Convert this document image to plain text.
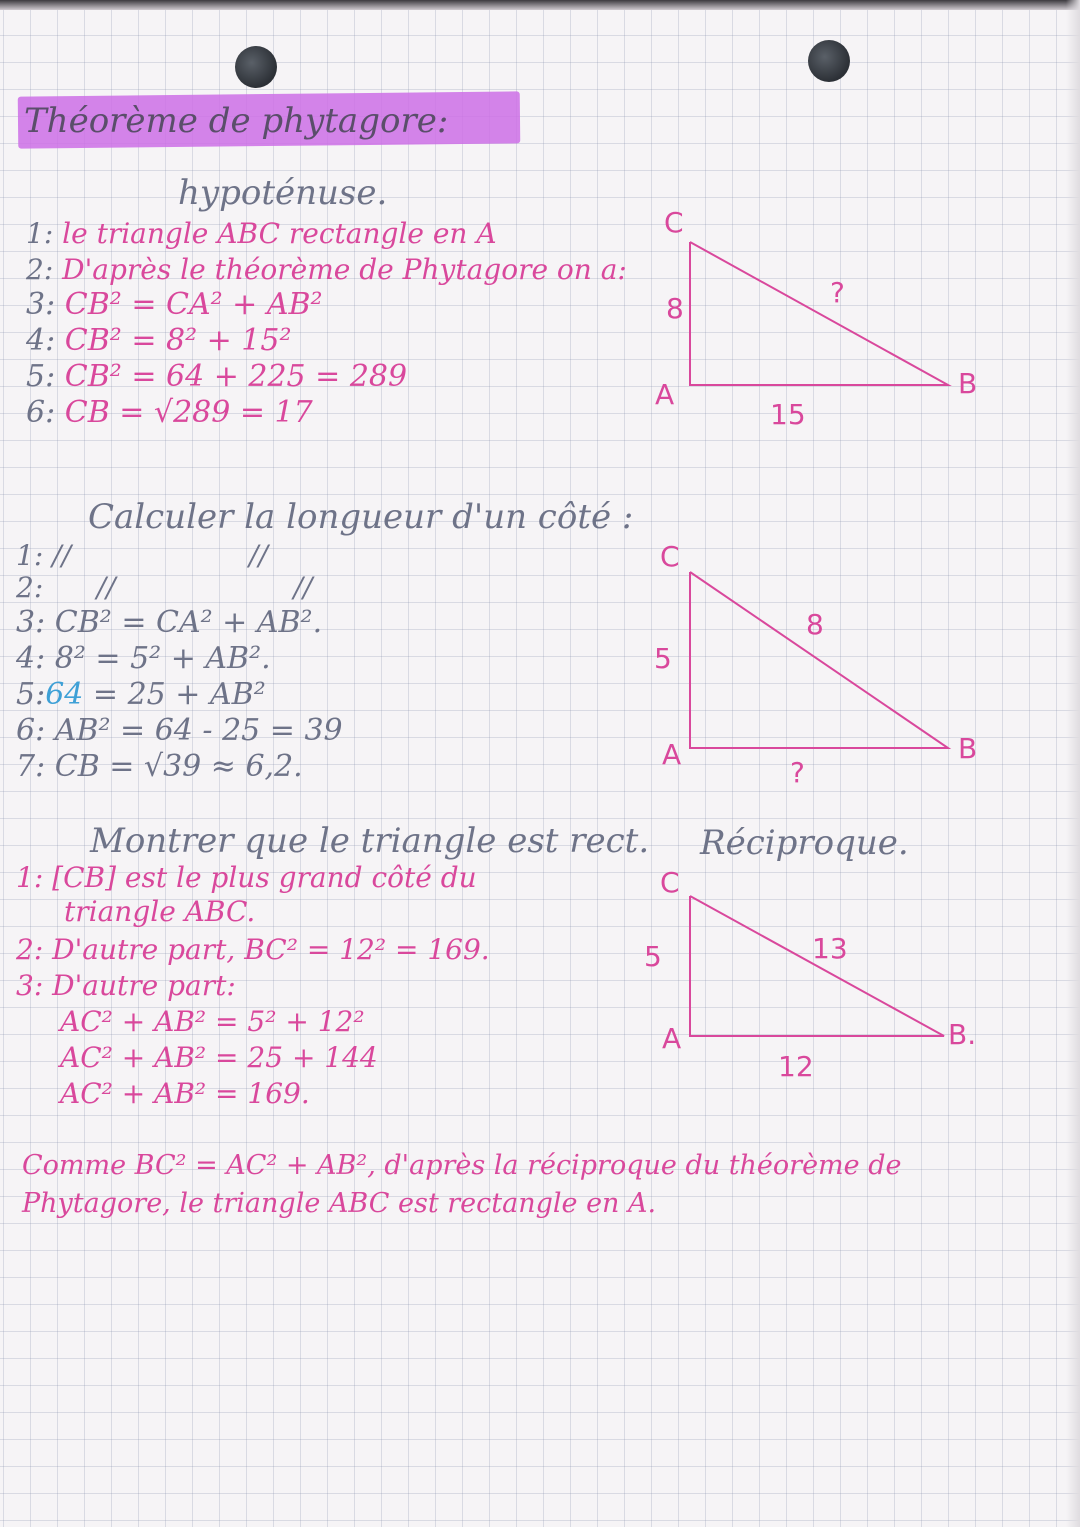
Théorème de phytagore:
hypoténuse.
1: le triangle ABC rectangle en A
2: D'après le théorème de Phytagore on a:
3: CB² = CA² + AB²
4: CB² = 8² + 15²
5: CB² = 64 + 225 = 289
6: CB = √289 = 17
Calculer la longueur d'un côté :
1: //                    //
2:      //                    //
3: CB² = CA² + AB².
4: 8² = 5² + AB².
5:64 = 25 + AB²
6: AB² = 64 - 25 = 39
7: CB = √39 ≈ 6,2.
Montrer que le triangle est rect. Réciproque.
1: [CB] est le plus grand côté du
triangle ABC.
2: D'autre part, BC² = 12² = 169.
3: D'autre part:
AC² + AB² = 5² + 12²
AC² + AB² = 25 + 144
AC² + AB² = 169.
Comme BC² = AC² + AB², d'après la réciproque du théorème de
Phytagore, le triangle ABC est rectangle en A.
C
A	B
8
15
?
C
A	B
5
?
8
C
A	B.
5
12
13
